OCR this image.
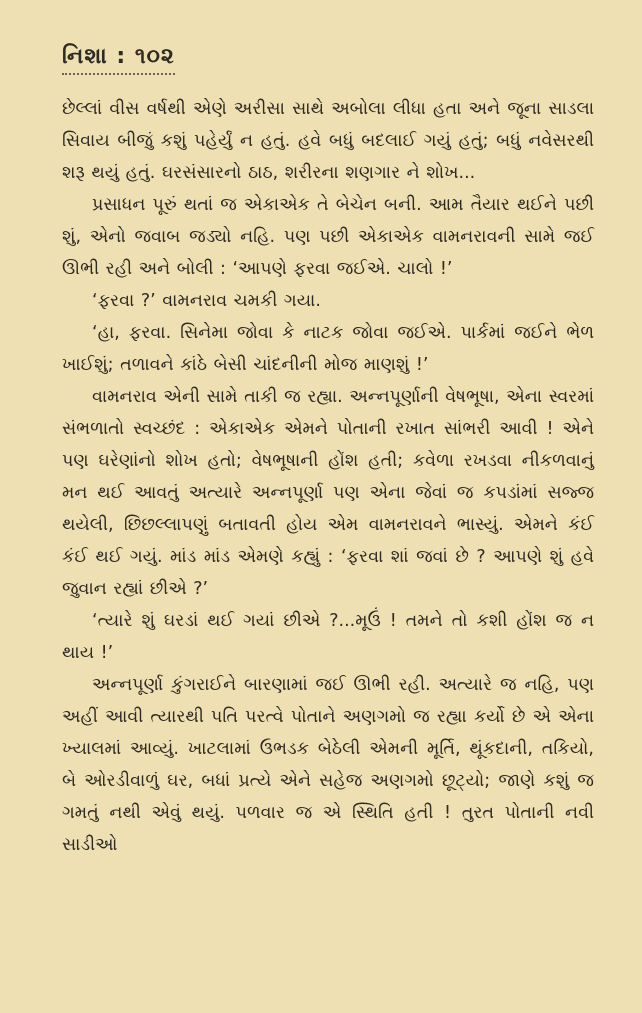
નિશા : ૧૦૨

છેલ્લાં વીસ વર્ષથી એણે અરીસા સાથે અબોલા લીધા હતા અને જૂના સાડલા સિવાય બીજું કશું પહેર્યું ન હતું. હવે બધું બદલાઈ ગયું હતું; બધું નવેસરથી શરૂ થયું હતું. ઘરસંસારનો ઠાઠ, શરીરના શણગાર ને શોખ...

પ્રસાધન પૂરું થતાં જ એકાએક તે બેચેન બની. આમ તૈયાર થઈને પછી શું, એનો જવાબ જડ્યો નહિ. પણ પછી એકાએક વામનરાવની સામે જઈ ઊભી રહી અને બોલી : ‘આપણે ફરવા જઈએ. ચાલો !’

‘ફરવા ?’ વામનરાવ ચમકી ગયા.

‘હા, ફરવા. સિનેમા જોવા કે નાટક જોવા જઈએ. પાર્કમાં જઈને ભેળ ખાઈશું; તળાવને કાંઠે બેસી ચાંદનીની મોજ માણશું !’

વામનરાવ એની સામે તાકી જ રહ્યા. અન્નપૂર્ણાની વેષભૂષા, એના સ્વરમાં સંભળાતો સ્વચ્છંદ : એકાએક એમને પોતાની રખાત સાંભરી આવી ! એને પણ ઘરેણાંનો શોખ હતો; વેષભૂષાની હોંશ હતી; કવેળા રખડવા નીકળવાનું મન થઈ આવતું અત્યારે અન્નપૂર્ણા પણ એના જેવાં જ કપડાંમાં સજ્જ થયેલી, છિછલ્લાપણું બતાવતી હોય એમ વામનરાવને ભાસ્યું. એમને કંઈ કંઈ થઈ ગયું. માંડ માંડ એમણે કહ્યું : ‘ફરવા શાં જવાં છે ? આપણે શું હવે જુવાન રહ્યાં છીએ ?’

‘ત્યારે શું ઘરડાં થઈ ગયાં છીએ ?...મૂઉં ! તમને તો કશી હોંશ જ ન થાય !’

અન્નપૂર્ણા કુંગરાઈને બારણામાં જઈ ઊભી રહી. અત્યારે જ નહિ, પણ અહીં આવી ત્યારથી પતિ પરત્વે પોતાને અણગમો જ રહ્યા કર્યો છે એ એના ખ્યાલમાં આવ્યું. ખાટલામાં ઉભડક બેઠેલી એમની મૂર્તિ, થૂંકદાની, તકિયો, બે ઓરડીવાળું ઘર, બધાં પ્રત્યે એને સહેજ અણગમો છૂટ્યો; જાણે કશું જ ગમતું નથી એવું થયું. પળવાર જ એ સ્થિતિ હતી ! તુરત પોતાની નવી સાડીઓ
